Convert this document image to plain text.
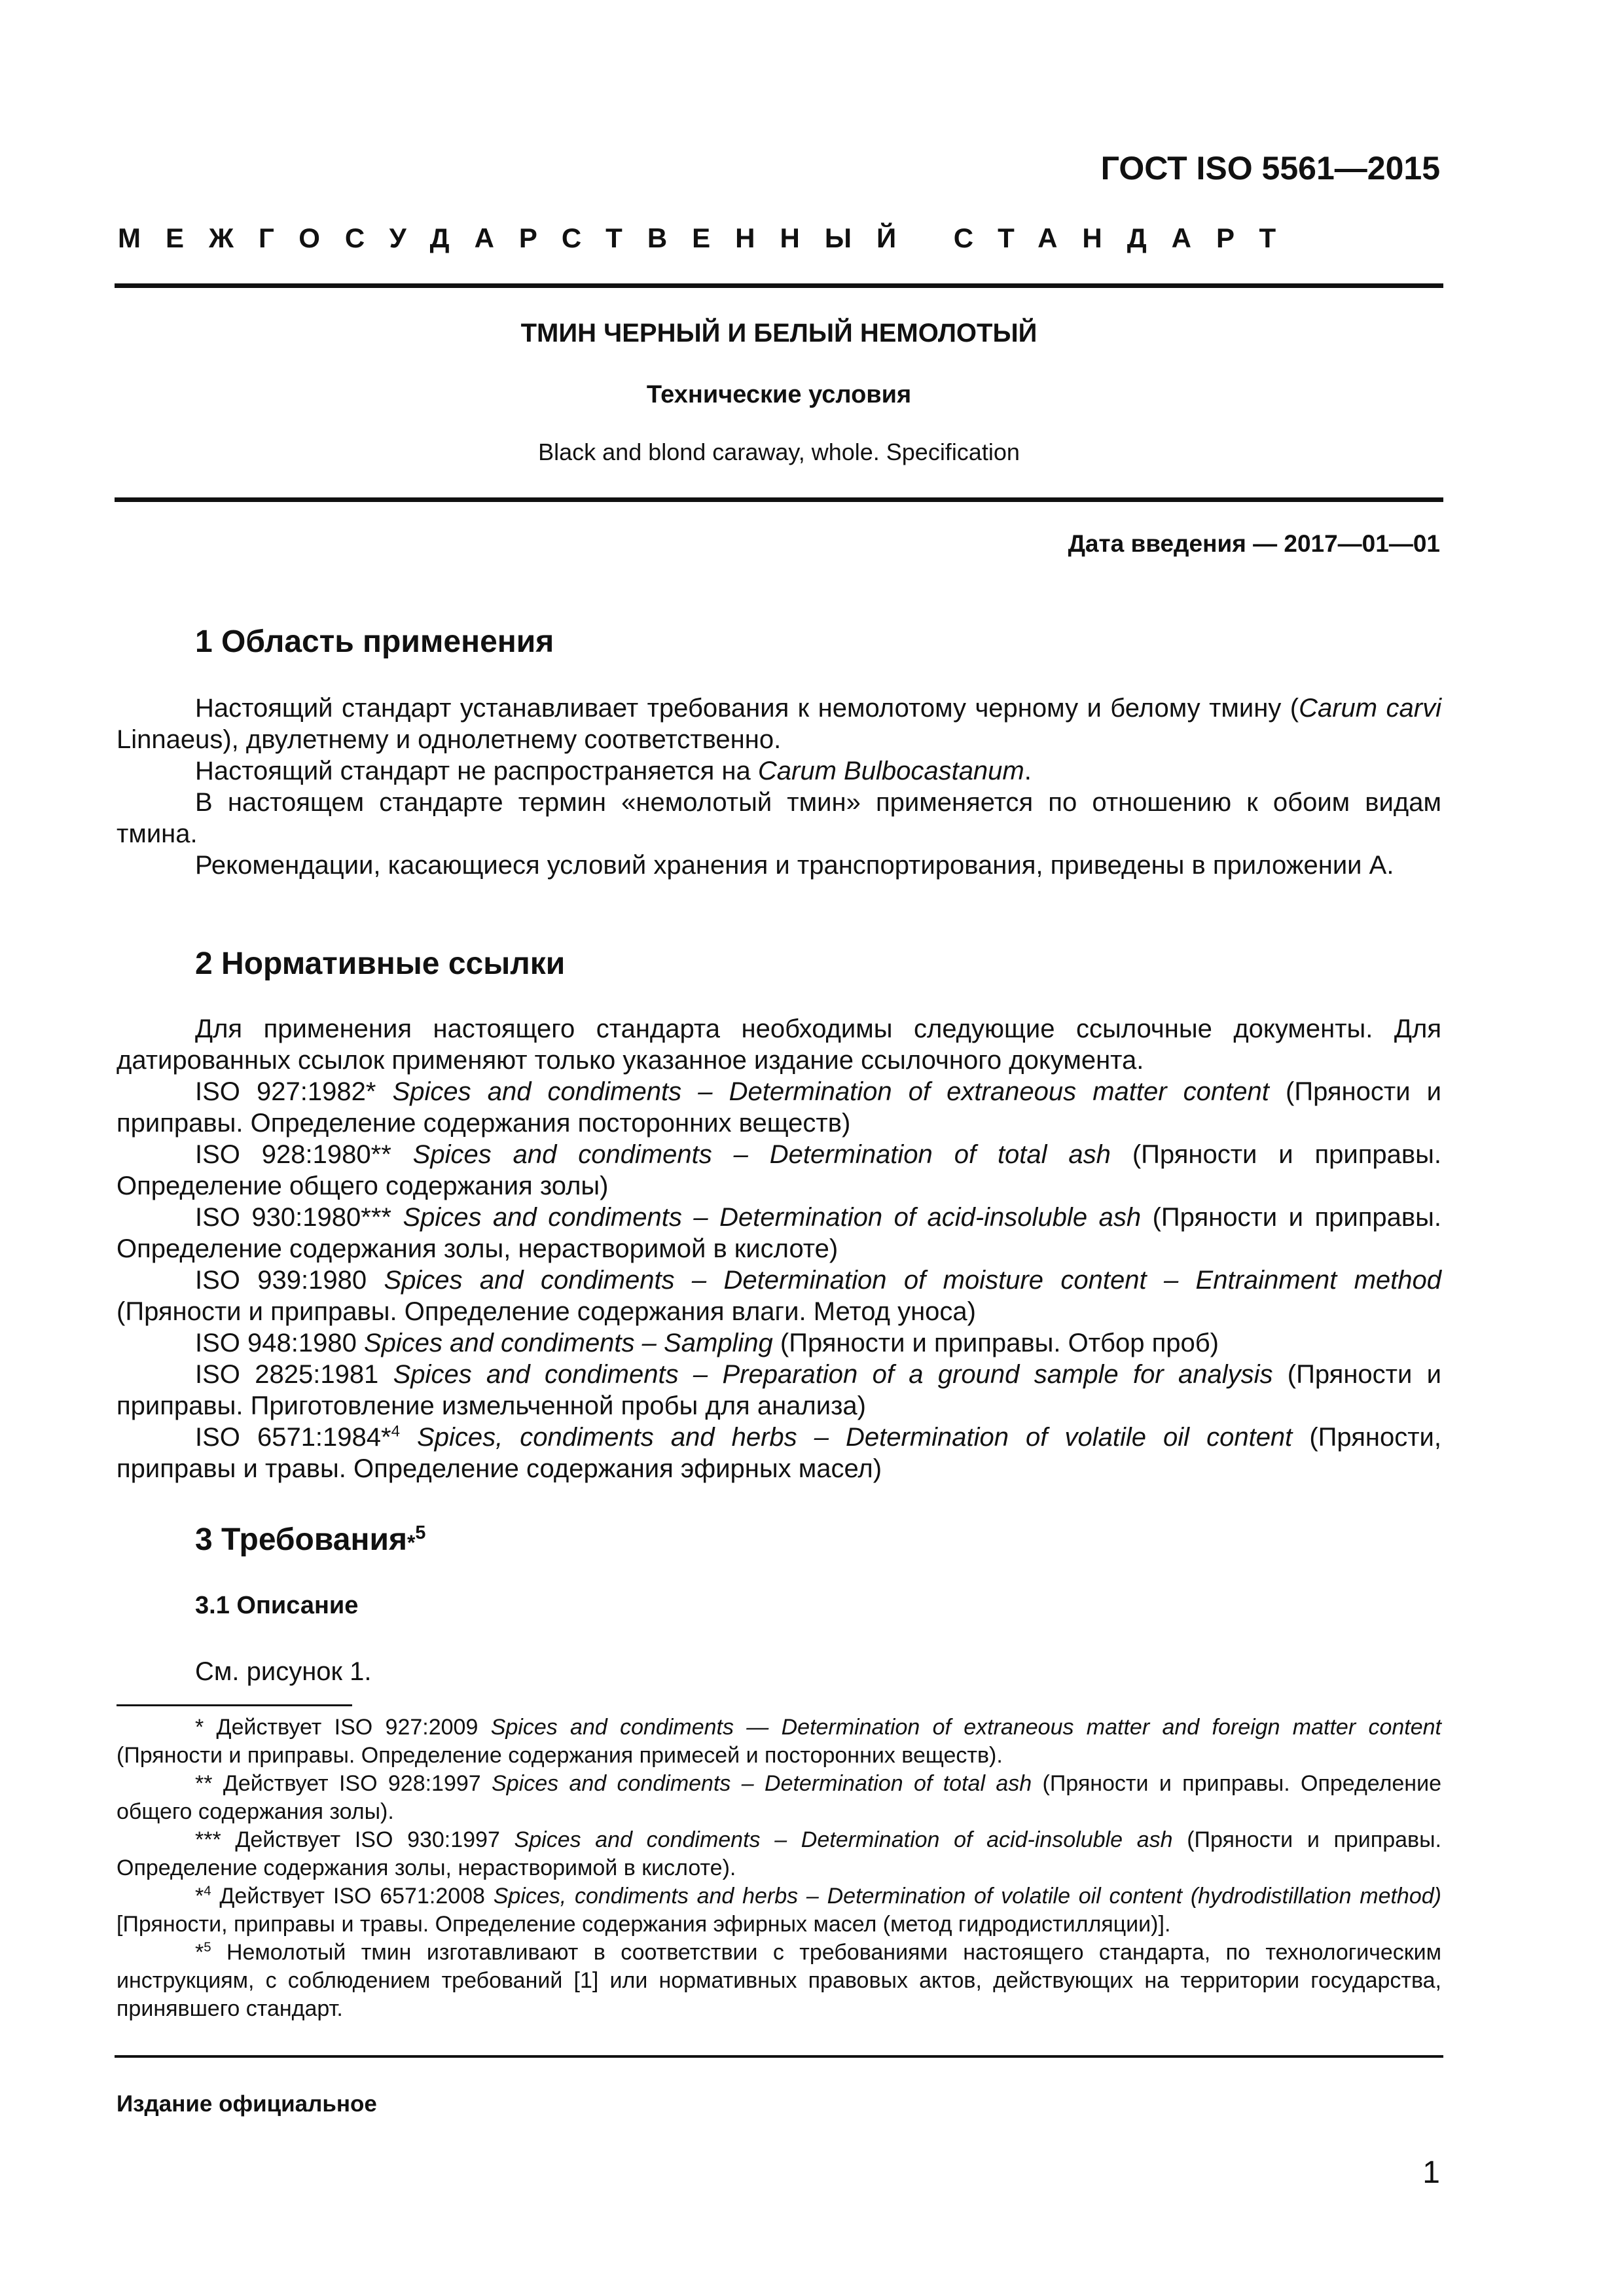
ГОСТ ISO 5561—2015
МЕЖГОСУДАРСТВЕННЫЙ СТАНДАРТ
ТМИН ЧЕРНЫЙ И БЕЛЫЙ НЕМОЛОТЫЙ
Технические условия
Black and blond caraway, whole. Specification
Дата введения — 2017—01—01
1 Область применения

Настоящий стандарт устанавливает требования к немолотому черному и белому тмину (Carum carvi Linnaeus), двулетнему и однолетнему соответственно.

Настоящий стандарт не распространяется на Carum Bulbocastanum.

В настоящем стандарте термин «немолотый тмин» применяется по отношению к обоим видам тмина.

Рекомендации, касающиеся условий хранения и транспортирования, приведены в приложении А.

2 Нормативные ссылки

Для применения настоящего стандарта необходимы следующие ссылочные документы. Для датированных ссылок применяют только указанное издание ссылочного документа.

ISO 927:1982* Spices and condiments – Determination of extraneous matter content (Пряности и приправы. Определение содержания посторонних веществ)

ISO 928:1980** Spices and condiments – Determination of total ash (Пряности и приправы. Определение общего содержания золы)

ISO 930:1980*** Spices and condiments – Determination of acid-insoluble ash (Пряности и приправы. Определение содержания золы, нерастворимой в кислоте)

ISO 939:1980 Spices and condiments – Determination of moisture content – Entrainment method (Пряности и приправы. Определение содержания влаги. Метод уноса)

ISO 948:1980 Spices and condiments – Sampling (Пряности и приправы. Отбор проб)

ISO 2825:1981 Spices and condiments – Preparation of a ground sample for analysis (Пряности и приправы. Приготовление измельченной пробы для анализа)

ISO 6571:1984*$^4$ Spices, condiments and herbs – Determination of volatile oil content (Пряности, приправы и травы. Определение содержания эфирных масел)

3 Требования*$^5$
3.1 Описание

См. рисунок 1.

* Действует ISO 927:2009 Spices and condiments — Determination of extraneous matter and foreign matter content (Пряности и приправы. Определение содержания примесей и посторонних веществ).

** Действует ISO 928:1997 Spices and condiments – Determination of total ash (Пряности и приправы. Определение общего содержания золы).

*** Действует ISO 930:1997 Spices and condiments – Determination of acid-insoluble ash (Пряности и приправы. Определение содержания золы, нерастворимой в кислоте).

*$^4$ Действует ISO 6571:2008 Spices, condiments and herbs – Determination of volatile oil content (hydrodistillation method) [Пряности, приправы и травы. Определение содержания эфирных масел (метод гидродистилляции)].

*$^5$ Немолотый тмин изготавливают в соответствии с требованиями настоящего стандарта, по технологическим инструкциям, с соблюдением требований [1] или нормативных правовых актов, действующих на территории государства, принявшего стандарт.

Издание официальное
1
